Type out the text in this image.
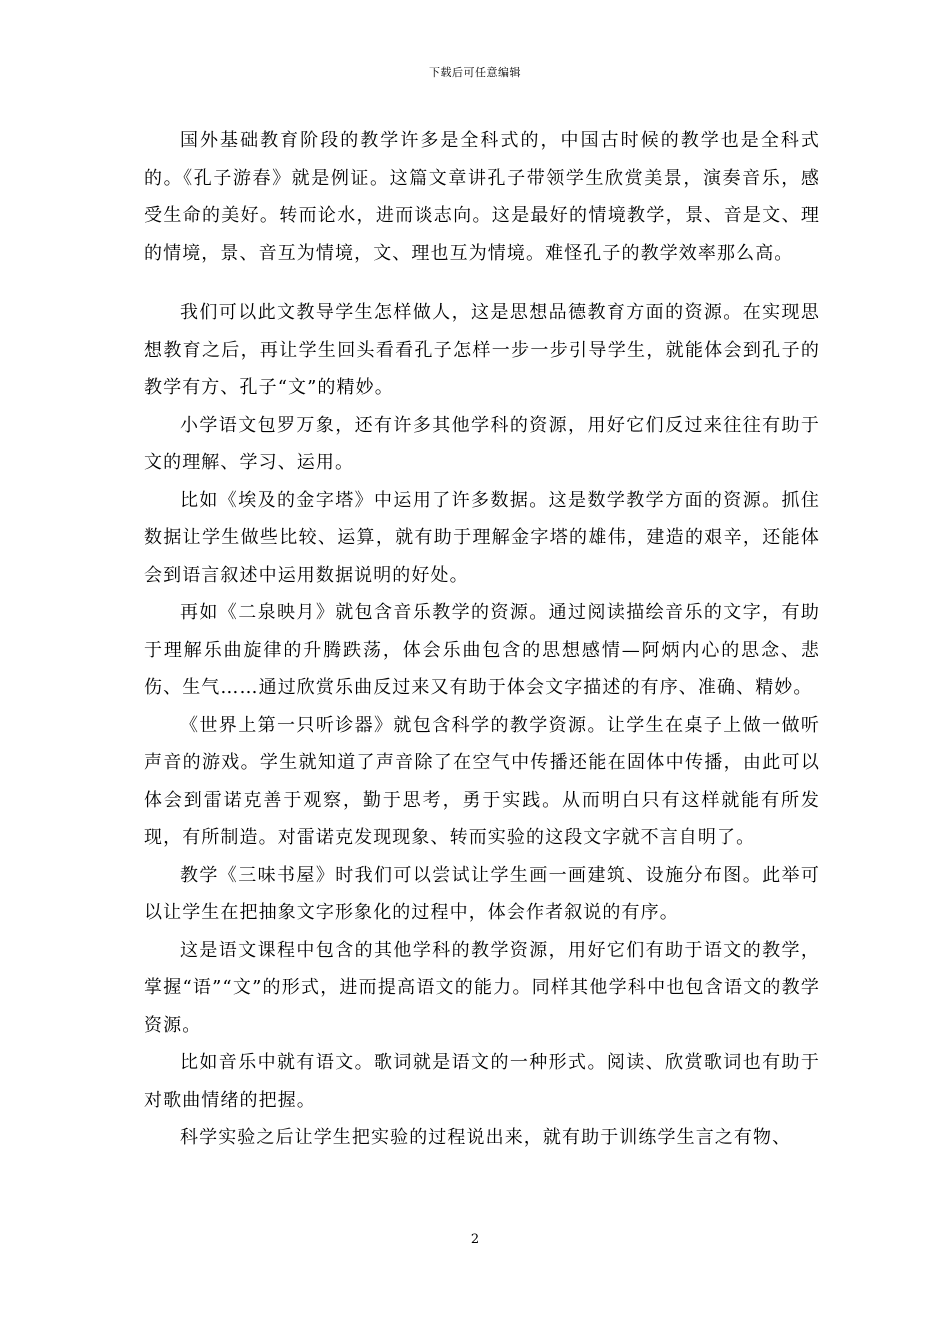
下载后可任意编辑

国外基础教育阶段的教学许多是全科式的，中国古时候的教学也是全科式的。《孔子游春》就是例证。这篇文章讲孔子带领学生欣赏美景，演奏音乐，感受生命的美好。转而论水，进而谈志向。这是最好的情境教学，景、音是文、理的情境，景、音互为情境，文、理也互为情境。难怪孔子的教学效率那么高。

我们可以此文教导学生怎样做人，这是思想品德教育方面的资源。在实现思想教育之后，再让学生回头看看孔子怎样一步一步引导学生，就能体会到孔子的教学有方、孔子“文”的精妙。

小学语文包罗万象，还有许多其他学科的资源，用好它们反过来往往有助于文的理解、学习、运用。

比如《埃及的金字塔》中运用了许多数据。这是数学教学方面的资源。抓住数据让学生做些比较、运算，就有助于理解金字塔的雄伟，建造的艰辛，还能体会到语言叙述中运用数据说明的好处。

再如《二泉映月》就包含音乐教学的资源。通过阅读描绘音乐的文字，有助于理解乐曲旋律的升腾跌荡，体会乐曲包含的思想感情—阿炳内心的思念、悲伤、生气……通过欣赏乐曲反过来又有助于体会文字描述的有序、准确、精妙。

《世界上第一只听诊器》就包含科学的教学资源。让学生在桌子上做一做听声音的游戏。学生就知道了声音除了在空气中传播还能在固体中传播，由此可以体会到雷诺克善于观察，勤于思考，勇于实践。从而明白只有这样就能有所发现，有所制造。对雷诺克发现现象、转而实验的这段文字就不言自明了。

教学《三味书屋》时我们可以尝试让学生画一画建筑、设施分布图。此举可以让学生在把抽象文字形象化的过程中，体会作者叙说的有序。

这是语文课程中包含的其他学科的教学资源，用好它们有助于语文的教学，掌握“语”“文”的形式，进而提高语文的能力。同样其他学科中也包含语文的教学资源。

比如音乐中就有语文。歌词就是语文的一种形式。阅读、欣赏歌词也有助于对歌曲情绪的把握。

科学实验之后让学生把实验的过程说出来，就有助于训练学生言之有物、

2
